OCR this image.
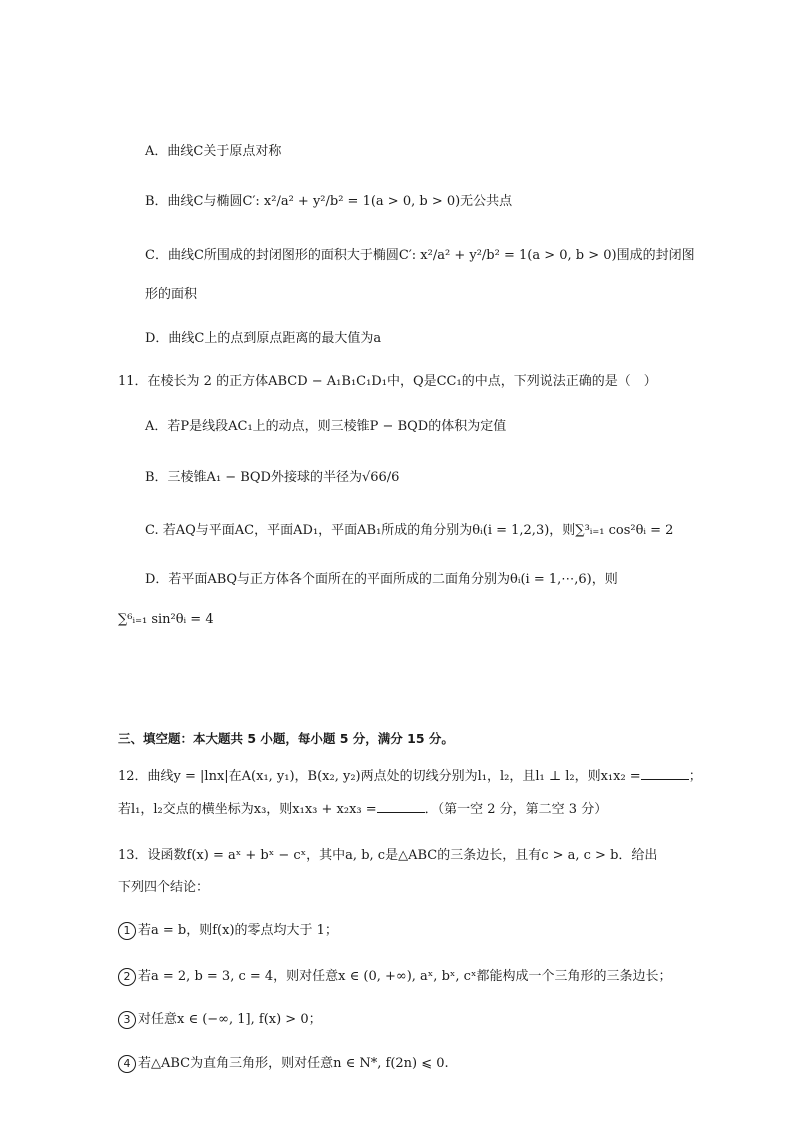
A．曲线C关于原点对称
B．曲线C与椭圆C′: x²/a² + y²/b² = 1(a > 0, b > 0)无公共点
C．曲线C所围成的封闭图形的面积大于椭圆C′: x²/a² + y²/b² = 1(a > 0, b > 0)围成的封闭图
形的面积
D．曲线C上的点到原点距离的最大值为a
11．在棱长为 2 的正方体ABCD − A₁B₁C₁D₁中，Q是CC₁的中点，下列说法正确的是（　）
A．若P是线段AC₁上的动点，则三棱锥P − BQD的体积为定值
B．三棱锥A₁ − BQD外接球的半径为√66/6
C. 若AQ与平面AC，平面AD₁，平面AB₁所成的角分别为θᵢ(i = 1,2,3)，则∑³ᵢ₌₁ cos²θᵢ = 2
D．若平面ABQ与正方体各个面所在的平面所成的二面角分别为θᵢ(i = 1,⋯,6)，则
∑⁶ᵢ₌₁ sin²θᵢ = 4
三、填空题：本大题共 5 小题，每小题 5 分，满分 15 分。
12．曲线y = |lnx|在A(x₁, y₁)，B(x₂, y₂)两点处的切线分别为l₁，l₂，且l₁ ⊥ l₂，则x₁x₂ =	；
若l₁，l₂交点的横坐标为x₃，则x₁x₃ + x₂x₃ =	．（第一空 2 分，第二空 3 分）
13．设函数f(x) = aˣ + bˣ − cˣ，其中a, b, c是△ABC的三条边长，且有c > a, c > b．给出
下列四个结论：
1 若a = b，则f(x)的零点均大于 1；
2 若a = 2, b = 3, c = 4，则对任意x ∈ (0, +∞), aˣ, bˣ, cˣ都能构成一个三角形的三条边长；
3 对任意x ∈ (−∞, 1], f(x) > 0；
4 若△ABC为直角三角形，则对任意n ∈ N*, f(2n) ⩽ 0.
